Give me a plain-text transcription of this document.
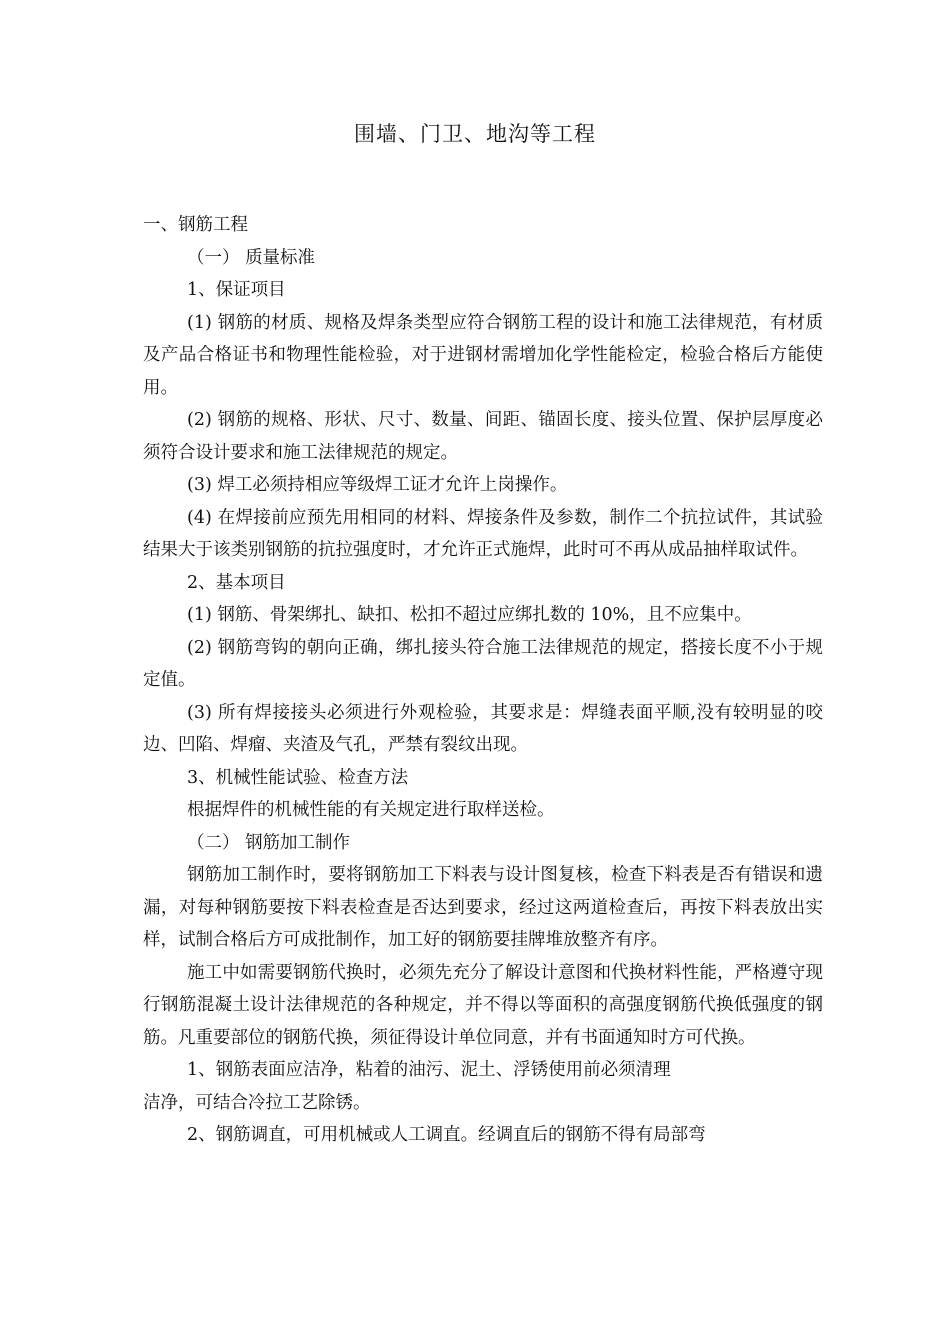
围墙、门卫、地沟等工程

一、钢筋工程

（一） 质量标准

1、保证项目

(1) 钢筋的材质、规格及焊条类型应符合钢筋工程的设计和施工法律规范，有材质及产品合格证书和物理性能检验，对于进钢材需增加化学性能检定，检验合格后方能使用。

(2) 钢筋的规格、形状、尺寸、数量、间距、锚固长度、接头位置、保护层厚度必须符合设计要求和施工法律规范的规定。

(3) 焊工必须持相应等级焊工证才允许上岗操作。

(4) 在焊接前应预先用相同的材料、焊接条件及参数，制作二个抗拉试件，其试验结果大于该类别钢筋的抗拉强度时，才允许正式施焊，此时可不再从成品抽样取试件。

2、基本项目

(1) 钢筋、骨架绑扎、缺扣、松扣不超过应绑扎数的 10%，且不应集中。

(2) 钢筋弯钩的朝向正确，绑扎接头符合施工法律规范的规定，搭接长度不小于规定值。

(3) 所有焊接接头必须进行外观检验，其要求是：焊缝表面平顺,没有较明显的咬边、凹陷、焊瘤、夹渣及气孔，严禁有裂纹出现。

3、机械性能试验、检查方法

根据焊件的机械性能的有关规定进行取样送检。

（二） 钢筋加工制作

钢筋加工制作时，要将钢筋加工下料表与设计图复核，检查下料表是否有错误和遗漏，对每种钢筋要按下料表检查是否达到要求，经过这两道检查后，再按下料表放出实样，试制合格后方可成批制作，加工好的钢筋要挂牌堆放整齐有序。

施工中如需要钢筋代换时，必须先充分了解设计意图和代换材料性能，严格遵守现行钢筋混凝土设计法律规范的各种规定，并不得以等面积的高强度钢筋代换低强度的钢筋。凡重要部位的钢筋代换，须征得设计单位同意，并有书面通知时方可代换。

1、钢筋表面应洁净，粘着的油污、泥土、浮锈使用前必须清理

洁净，可结合冷拉工艺除锈。

2、钢筋调直，可用机械或人工调直。经调直后的钢筋不得有局部弯
